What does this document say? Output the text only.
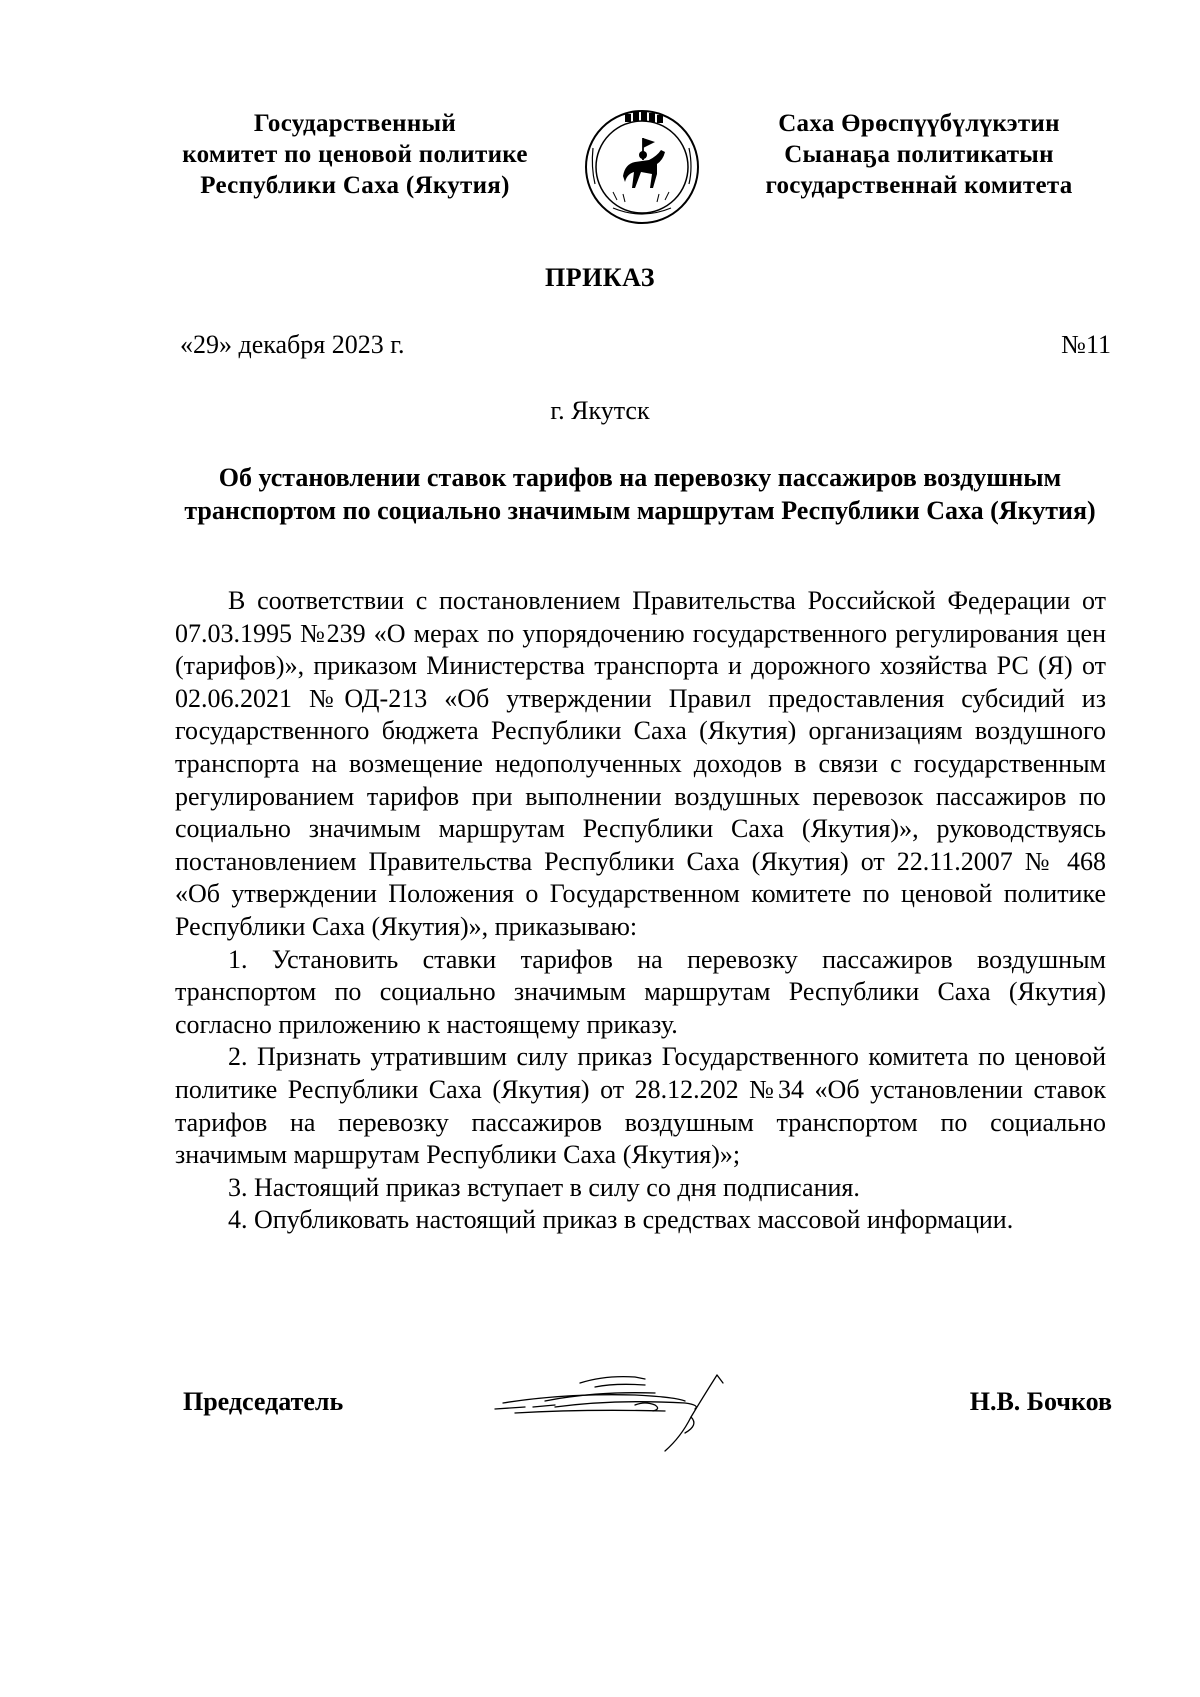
Государственный
комитет по ценовой политике
Республики Саха (Якутия)
Саха Өрөспүүбүлүкэтин
Сыанаҕа политикатын
государственнай комитета
ПРИКАЗ
«29» декабря 2023 г.	№11
г. Якутск
Об установлении ставок тарифов на перевозку пассажиров воздушным транспортом по социально значимым маршрутам Республики Саха (Якутия)

В соответствии с постановлением Правительства Российской Федерации от 07.03.1995 №239 «О мерах по упорядочению государственного регулирования цен (тарифов)», приказом Министерства транспорта и дорожного хозяйства РС (Я) от 02.06.2021 №ОД-213 «Об утверждении Правил предоставления субсидий из государственного бюджета Республики Саха (Якутия) организациям воздушного транспорта на возмещение недополученных доходов в связи с государственным регулированием тарифов при выполнении воздушных перевозок пассажиров по социально значимым маршрутам Республики Саха (Якутия)», руководствуясь постановлением Правительства Республики Саха (Якутия) от 22.11.2007 № 468 «Об утверждении Положения о Государственном комитете по ценовой политике Республики Саха (Якутия)», приказываю:

1. Установить ставки тарифов на перевозку пассажиров воздушным транспортом по социально значимым маршрутам Республики Саха (Якутия) согласно приложению к настоящему приказу.

2. Признать утратившим силу приказ Государственного комитета по ценовой политике Республики Саха (Якутия) от 28.12.202 №34 «Об установлении ставок тарифов на перевозку пассажиров воздушным транспортом по социально значимым маршрутам Республики Саха (Якутия)»;

3. Настоящий приказ вступает в силу со дня подписания.

4. Опубликовать настоящий приказ в средствах массовой информации.

Председатель	Н.В. Бочков
